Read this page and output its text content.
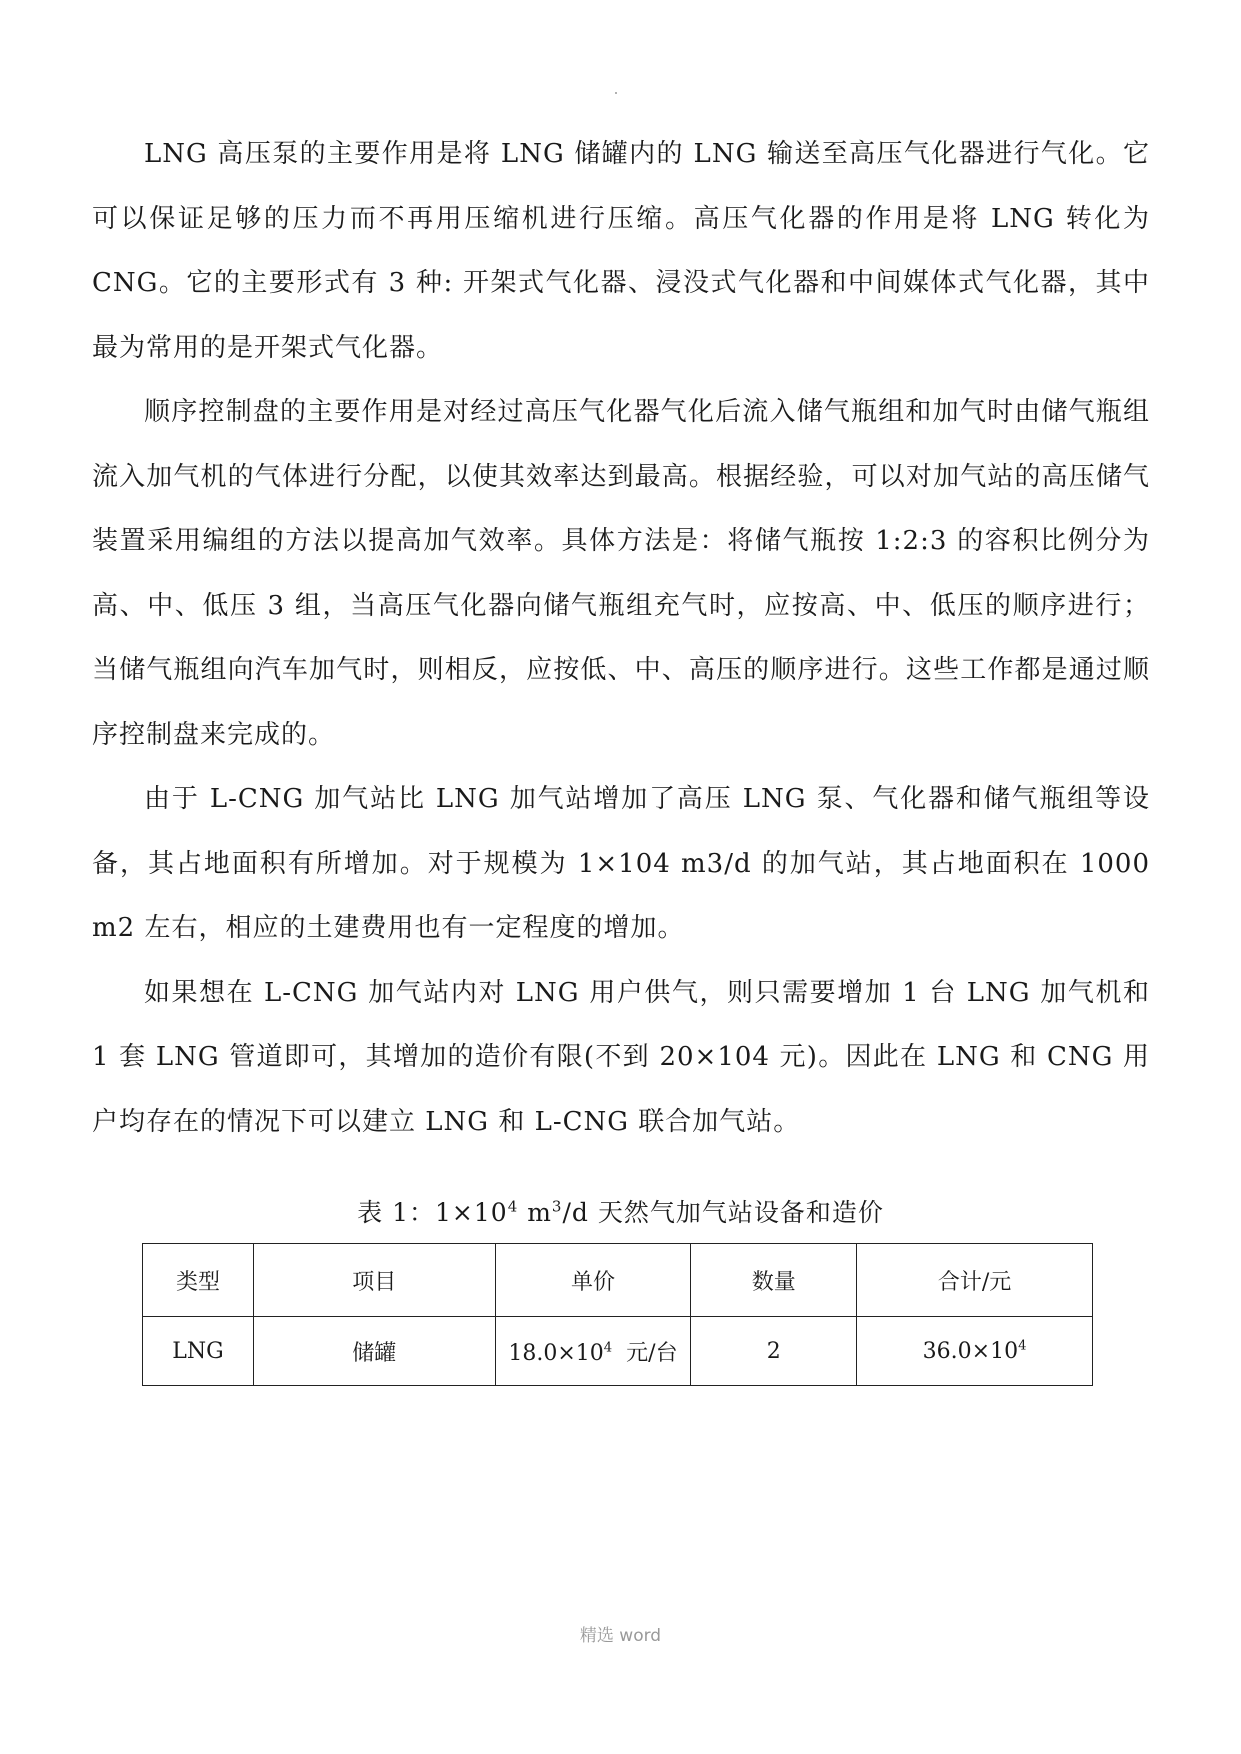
LNG 高压泵的主要作用是将 LNG 储罐内的 LNG 输送至高压气化器进行气化。它可以保证足够的压力而不再用压缩机进行压缩。高压气化器的作用是将 LNG 转化为 CNG。它的主要形式有 3 种: 开架式气化器、浸没式气化器和中间媒体式气化器，其中最为常用的是开架式气化器。

顺序控制盘的主要作用是对经过高压气化器气化后流入储气瓶组和加气时由储气瓶组流入加气机的气体进行分配，以使其效率达到最高。根据经验，可以对加气站的高压储气装置采用编组的方法以提高加气效率。具体方法是：将储气瓶按 1:2:3 的容积比例分为高、中、低压 3 组，当高压气化器向储气瓶组充气时，应按高、中、低压的顺序进行；当储气瓶组向汽车加气时，则相反，应按低、中、高压的顺序进行。这些工作都是通过顺序控制盘来完成的。

由于 L-CNG 加气站比 LNG 加气站增加了高压 LNG 泵、气化器和储气瓶组等设备，其占地面积有所增加。对于规模为 1×104 m3/d 的加气站，其占地面积在 1000 m2 左右，相应的土建费用也有一定程度的增加。

如果想在 L-CNG 加气站内对 LNG 用户供气，则只需要增加 1 台 LNG 加气机和 1 套 LNG 管道即可，其增加的造价有限(不到 20×104 元)。因此在 LNG 和 CNG 用户均存在的情况下可以建立 LNG 和 L-CNG 联合加气站。

表 1：$1\times 10^4$ $m^3/d$ 天然气加气站设备和造价
类型	项目	单价	数量	合计/元
LNG	储罐	$18.0\times 10^4$  元/台	2	$36.0\times 10^4$
精选 word
